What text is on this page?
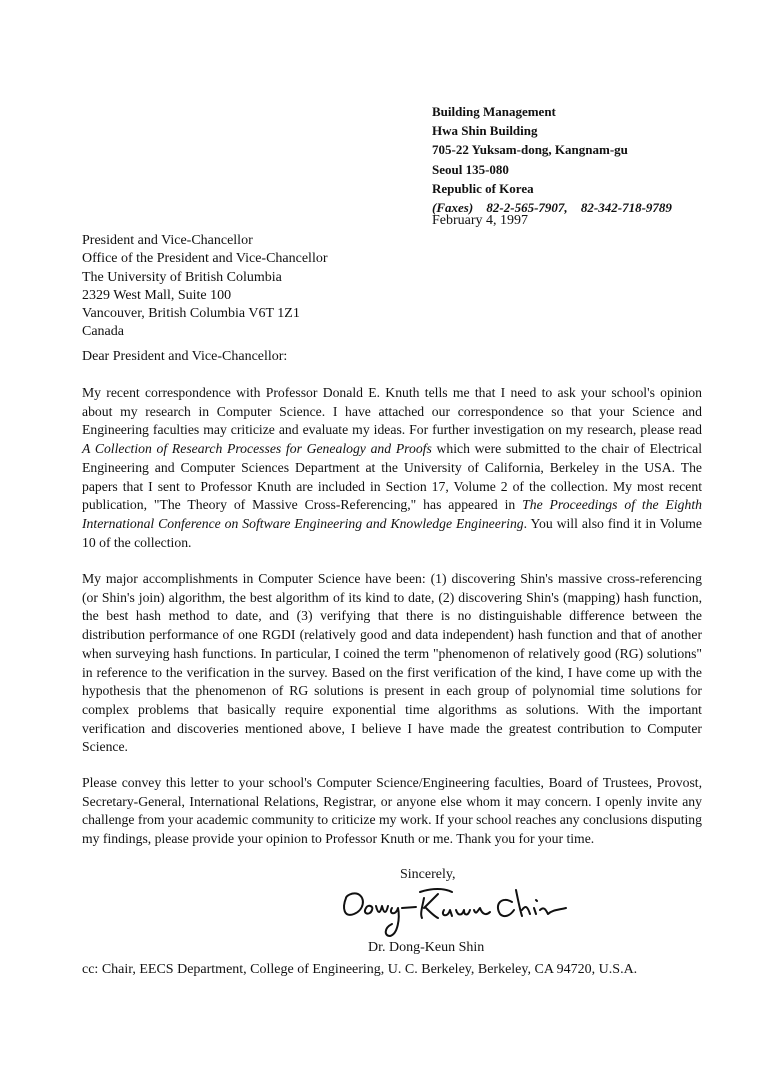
Building Management
Hwa Shin Building
705-22 Yuksam-dong, Kangnam-gu
Seoul 135-080
Republic of Korea
(Faxes) 82-2-565-7907, 82-342-718-9789
February 4, 1997
President and Vice-Chancellor
Office of the President and Vice-Chancellor
The University of British Columbia
2329 West Mall, Suite 100
Vancouver, British Columbia V6T 1Z1
Canada
Dear President and Vice-Chancellor:

My recent correspondence with Professor Donald E. Knuth tells me that I need to ask your school's opinion about my research in Computer Science. I have attached our correspondence so that your Science and Engineering faculties may criticize and evaluate my ideas. For further investigation on my research, please read A Collection of Research Processes for Genealogy and Proofs which were submitted to the chair of Electrical Engineering and Computer Sciences Department at the University of California, Berkeley in the USA. The papers that I sent to Professor Knuth are included in Section 17, Volume 2 of the collection. My most recent publication, "The Theory of Massive Cross-Referencing," has appeared in The Proceedings of the Eighth International Conference on Software Engineering and Knowledge Engineering. You will also find it in Volume 10 of the collection.

My major accomplishments in Computer Science have been: (1) discovering Shin's massive cross-referencing (or Shin's join) algorithm, the best algorithm of its kind to date, (2) discovering Shin's (mapping) hash function, the best hash method to date, and (3) verifying that there is no distinguishable difference between the distribution performance of one RGDI (relatively good and data independent) hash function and that of another when surveying hash functions. In particular, I coined the term "phenomenon of relatively good (RG) solutions" in reference to the verification in the survey. Based on the first verification of the kind, I have come up with the hypothesis that the phenomenon of RG solutions is present in each group of polynomial time solutions for complex problems that basically require exponential time algorithms as solutions. With the important verification and discoveries mentioned above, I believe I have made the greatest contribution to Computer Science.

Please convey this letter to your school's Computer Science/Engineering faculties, Board of Trustees, Provost, Secretary-General, International Relations, Registrar, or anyone else whom it may concern. I openly invite any challenge from your academic community to criticize my work. If your school reaches any conclusions disputing my findings, please provide your opinion to Professor Knuth or me. Thank you for your time.

Sincerely,
Dr. Dong-Keun Shin
cc: Chair, EECS Department, College of Engineering, U. C. Berkeley, Berkeley, CA 94720, U.S.A.
